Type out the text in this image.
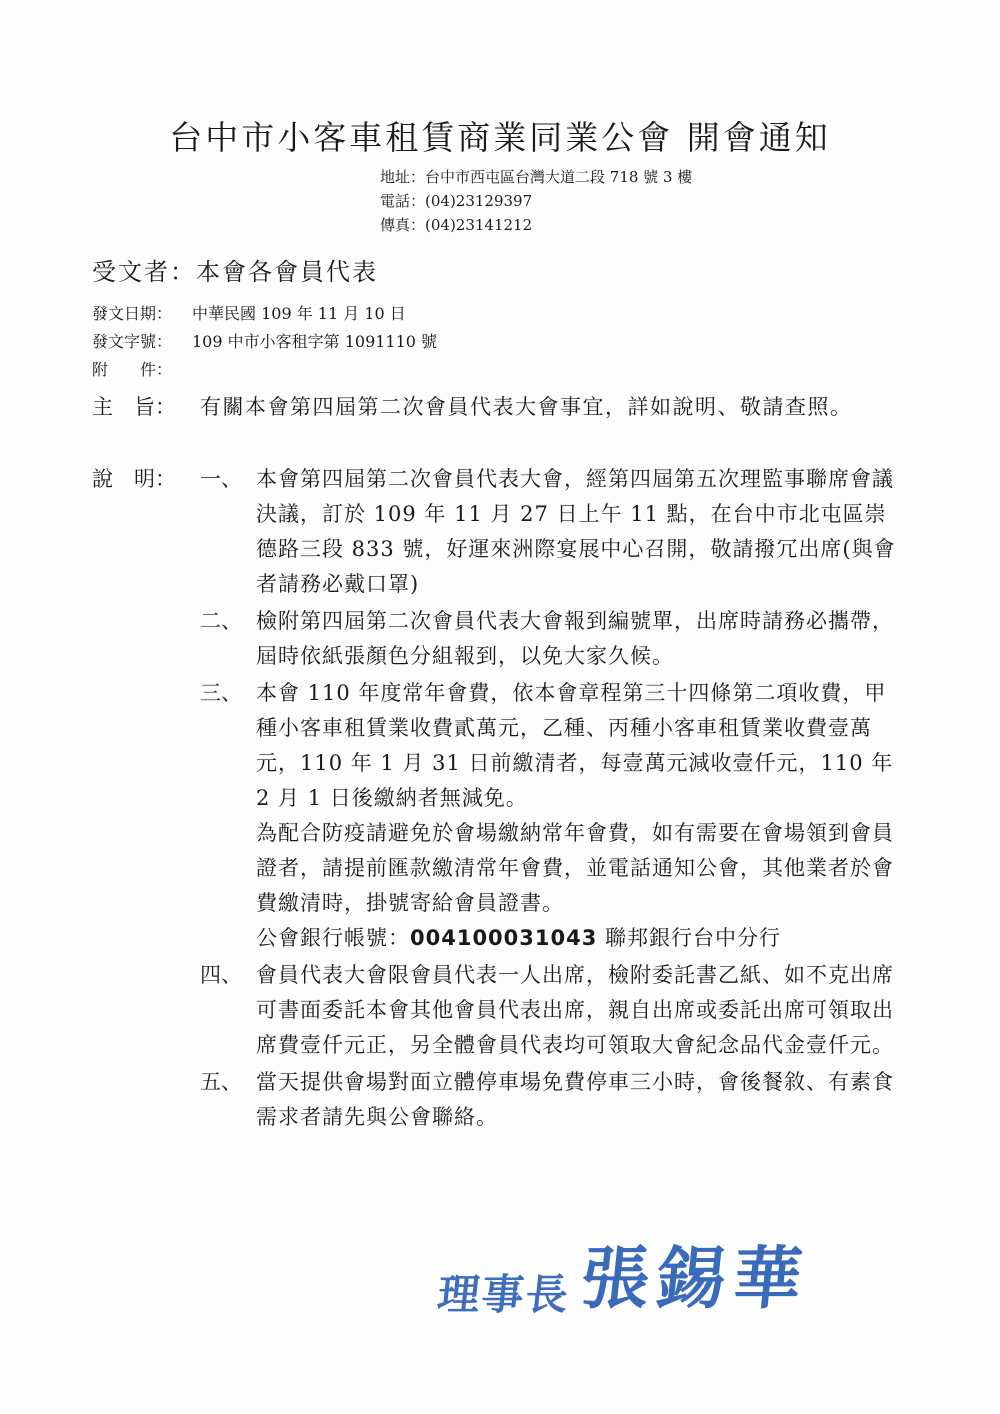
台中市小客車租賃商業同業公會 開會通知
地址：台中市西屯區台灣大道二段 718 號 3 樓
電話：(04)23129397
傳真：(04)23141212
受文者：本會各會員代表
發文日期：	中華民國 109 年 11 月 10 日
發文字號：	109 中市小客租字第 1091110 號
附　　件：
主　旨：	有關本會第四屆第二次會員代表大會事宜，詳如說明、敬請查照。
說　明： 一、 本會第四屆第二次會員代表大會，經第四屆第五次理監事聯席會議決議，訂於 109 年 11 月 27 日上午 11 點，在台中市北屯區崇德路三段 833 號，好運來洲際宴展中心召開，敬請撥冗出席(與會者請務必戴口罩)

二、 檢附第四屆第二次會員代表大會報到編號單，出席時請務必攜帶，屆時依紙張顏色分組報到，以免大家久候。

三、 本會 110 年度常年會費，依本會章程第三十四條第二項收費，甲種小客車租賃業收費貳萬元，乙種、丙種小客車租賃業收費壹萬元，110 年 1 月 31 日前繳清者，每壹萬元減收壹仟元，110 年 2 月 1 日後繳納者無減免。

為配合防疫請避免於會場繳納常年會費，如有需要在會場領到會員證者，請提前匯款繳清常年會費，並電話通知公會，其他業者於會費繳清時，掛號寄給會員證書。

公會銀行帳號：004100031043 聯邦銀行台中分行

四、 會員代表大會限會員代表一人出席，檢附委託書乙紙、如不克出席可書面委託本會其他會員代表出席，親自出席或委託出席可領取出席費壹仟元正，另全體會員代表均可領取大會紀念品代金壹仟元。

五、 當天提供會場對面立體停車場免費停車三小時，會後餐敘、有素食需求者請先與公會聯絡。

理事長 張錫華
